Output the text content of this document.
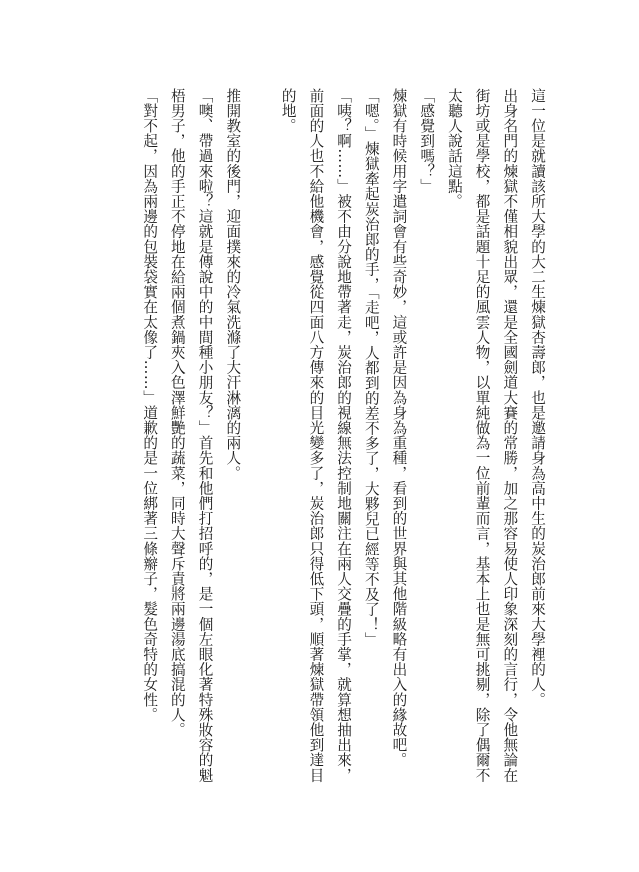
這一位是就讀該所大學的大二生煉獄杏壽郎，也是邀請身為高中生的炭治郎前來大學裡的人。

出身名門的煉獄不僅相貌出眾，還是全國劍道大賽的常勝，加之那容易使人印象深刻的言行，令他無論在街坊或是學校，都是話題十足的風雲人物，以單純做為一位前輩而言，基本上也是無可挑剔，除了偶爾不太聽人說話這點。

「感覺到嗎？」

煉獄有時候用字遣詞會有些奇妙，這或許是因為身為重種，看到的世界與其他階級略有出入的緣故吧。

「嗯。」煉獄牽起炭治郎的手，「走吧，人都到的差不多了，大夥兒已經等不及了！」

「咦？啊……」被不由分說地帶著走，炭治郎的視線無法控制地關注在兩人交疊的手掌，就算想抽出來，前面的人也不給他機會，感覺從四面八方傳來的目光變多了，炭治郎只得低下頭，順著煉獄帶領他到達目的地。

推開教室的後門，迎面撲來的冷氣洗滌了大汗淋漓的兩人。

「噢、帶過來啦？這就是傳說中的中間種小朋友？」首先和他們打招呼的，是一個左眼化著特殊妝容的魁梧男子，他的手正不停地在給兩個煮鍋夾入色澤鮮艷的蔬菜，同時大聲斥責將兩邊湯底搞混的人。

「對不起，因為兩邊的包裝袋實在太像了……」道歉的是一位綁著三條辮子，髮色奇特的女性。
